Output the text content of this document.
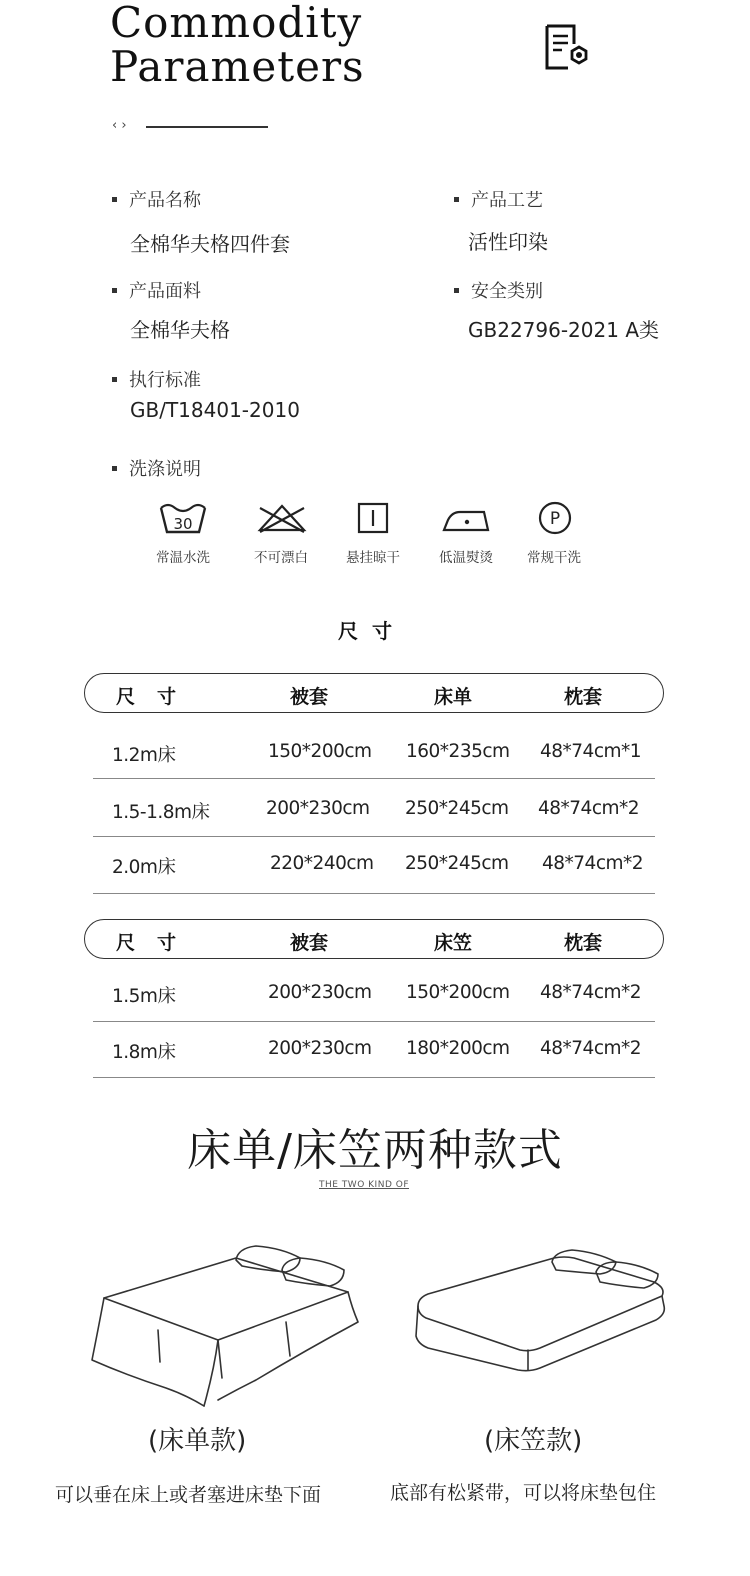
Commodity
Parameters
‹ ›
产品名称
全棉华夫格四件套
产品工艺
活性印染
产品面料
全棉华夫格
安全类别
GB22796-2021 A类
执行标准
GB/T18401-2010
洗涤说明
30	P
常温水洗	不可漂白	悬挂晾干	低温熨烫	常规干洗
尺寸
尺寸	被套	床单	枕套
1.2m床	150*200cm 160*235cm 48*74cm*1
1.5-1.8m床	200*230cm 250*245cm 48*74cm*2
2.0m床	220*240cm 250*245cm 48*74cm*2
尺寸	被套	床笠	枕套
1.5m床	200*230cm 150*200cm 48*74cm*2
1.8m床	200*230cm 180*200cm 48*74cm*2
床单/床笠两种款式
THE TWO KIND OF
(床单款)	(床笠款)
可以垂在床上或者塞进床垫下面	底部有松紧带，可以将床垫包住
